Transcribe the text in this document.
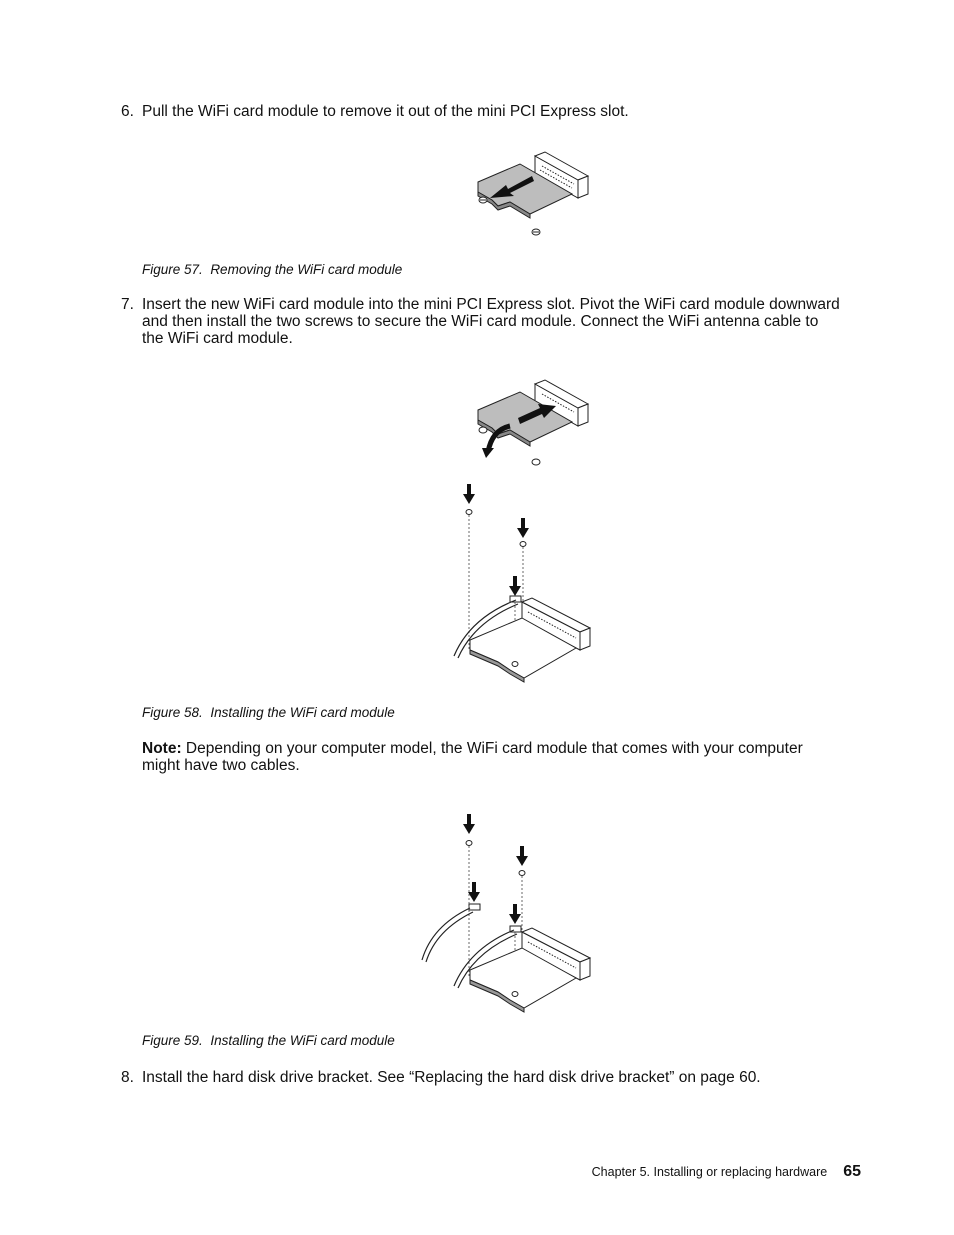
6. Pull the WiFi card module to remove it out of the mini PCI Express slot.
Figure 57. Removing the WiFi card module
7. Insert the new WiFi card module into the mini PCI Express slot. Pivot the WiFi card module downward
and then install the two screws to secure the WiFi card module. Connect the WiFi antenna cable to
the WiFi card module.
Figure 58. Installing the WiFi card module
Note: Depending on your computer model, the WiFi card module that comes with your computer
might have two cables.
Figure 59. Installing the WiFi card module
8. Install the hard disk drive bracket. See “Replacing the hard disk drive bracket” on page 60.
Chapter 5. Installing or replacing hardware 65
